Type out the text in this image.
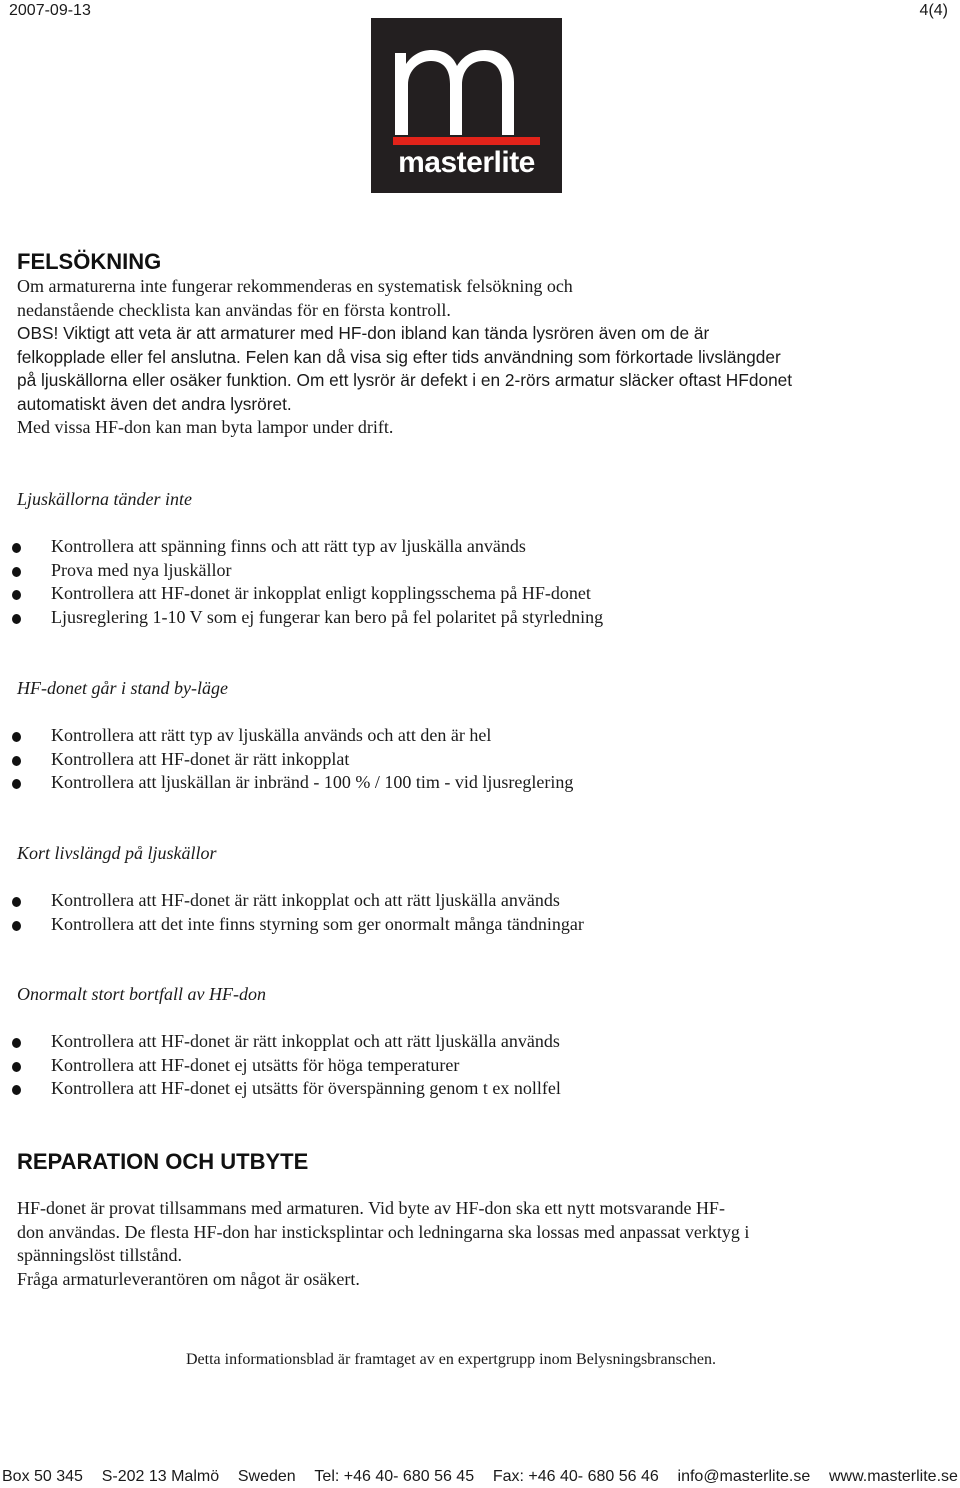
2007-09-13	4(4)
masterlite
FELSÖKNING

Om armaturerna inte fungerar rekommenderas en systematisk felsökning och
nedanstående checklista kan användas för en första kontroll.

OBS! Viktigt att veta är att armaturer med HF-don ibland kan tända lysrören även om de är
felkopplade eller fel anslutna. Felen kan då visa sig efter tids användning som förkortade livslängder
på ljuskällorna eller osäker funktion. Om ett lysrör är defekt i en 2-rörs armatur släcker oftast HFdonet
automatiskt även det andra lysröret.
Med vissa HF-don kan man byta lampor under drift.

Ljuskällorna tänder inte
Kontrollera att spänning finns och att rätt typ av ljuskälla används
Prova med nya ljuskällor
Kontrollera att HF-donet är inkopplat enligt kopplingsschema på HF-donet
Ljusreglering 1-10 V som ej fungerar kan bero på fel polaritet på styrledning
HF-donet går i stand by-läge
Kontrollera att rätt typ av ljuskälla används och att den är hel
Kontrollera att HF-donet är rätt inkopplat
Kontrollera att ljuskällan är inbränd - 100 % / 100 tim - vid ljusreglering
Kort livslängd på ljuskällor
Kontrollera att HF-donet är rätt inkopplat och att rätt ljuskälla används
Kontrollera att det inte finns styrning som ger onormalt många tändningar
Onormalt stort bortfall av HF-don
Kontrollera att HF-donet är rätt inkopplat och att rätt ljuskälla används
Kontrollera att HF-donet ej utsätts för höga temperaturer
Kontrollera att HF-donet ej utsätts för överspänning genom t ex nollfel
REPARATION OCH UTBYTE

HF-donet är provat tillsammans med armaturen. Vid byte av HF-don ska ett nytt motsvarande HF-
don användas. De flesta HF-don har insticksplintar och ledningarna ska lossas med anpassat verktyg i
spänningslöst tillstånd.
Fråga armaturleverantören om något är osäkert.

Detta informationsblad är framtaget av en expertgrupp inom Belysningsbranschen.
Box 50 345 S-202 13 Malmö Sweden Tel: +46 40- 680 56 45 Fax: +46 40- 680 56 46 info@masterlite.se www.masterlite.se
